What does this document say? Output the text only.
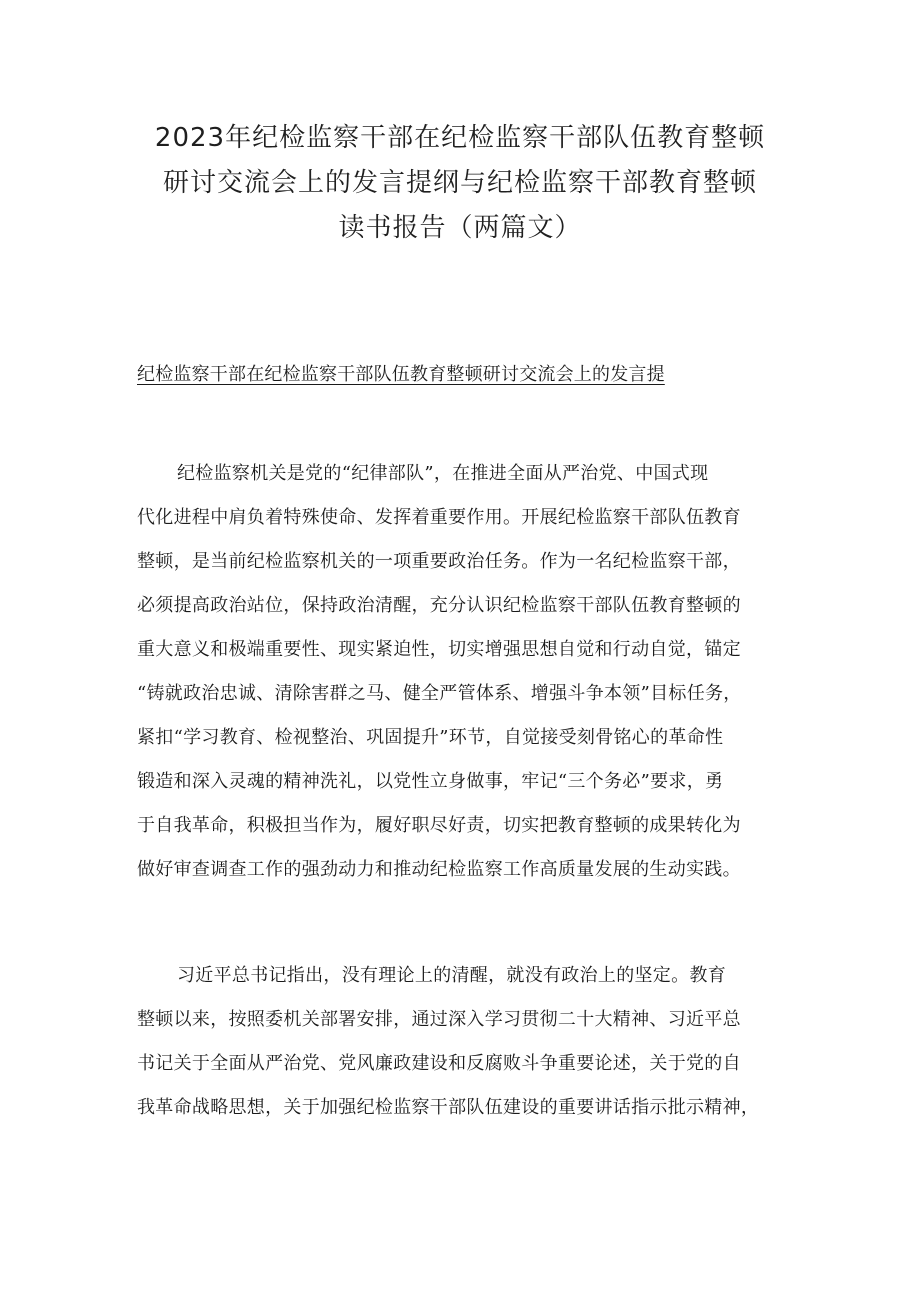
2023年纪检监察干部在纪检监察干部队伍教育整顿
研讨交流会上的发言提纲与纪检监察干部教育整顿
读书报告（两篇文）
纪检监察干部在纪检监察干部队伍教育整顿研讨交流会上的发言提
纪检监察机关是党的“纪律部队”，在推进全面从严治党、中国式现
代化进程中肩负着特殊使命、发挥着重要作用。开展纪检监察干部队伍教育
整顿，是当前纪检监察机关的一项重要政治任务。作为一名纪检监察干部，
必须提高政治站位，保持政治清醒，充分认识纪检监察干部队伍教育整顿的
重大意义和极端重要性、现实紧迫性，切实增强思想自觉和行动自觉，锚定
“铸就政治忠诚、清除害群之马、健全严管体系、增强斗争本领”目标任务，
紧扣“学习教育、检视整治、巩固提升”环节，自觉接受刻骨铭心的革命性
锻造和深入灵魂的精神洗礼，以党性立身做事，牢记“三个务必”要求，勇
于自我革命，积极担当作为，履好职尽好责，切实把教育整顿的成果转化为
做好审查调查工作的强劲动力和推动纪检监察工作高质量发展的生动实践。
习近平总书记指出，没有理论上的清醒，就没有政治上的坚定。教育
整顿以来，按照委机关部署安排，通过深入学习贯彻二十大精神、习近平总
书记关于全面从严治党、党风廉政建设和反腐败斗争重要论述，关于党的自
我革命战略思想，关于加强纪检监察干部队伍建设的重要讲话指示批示精神，
